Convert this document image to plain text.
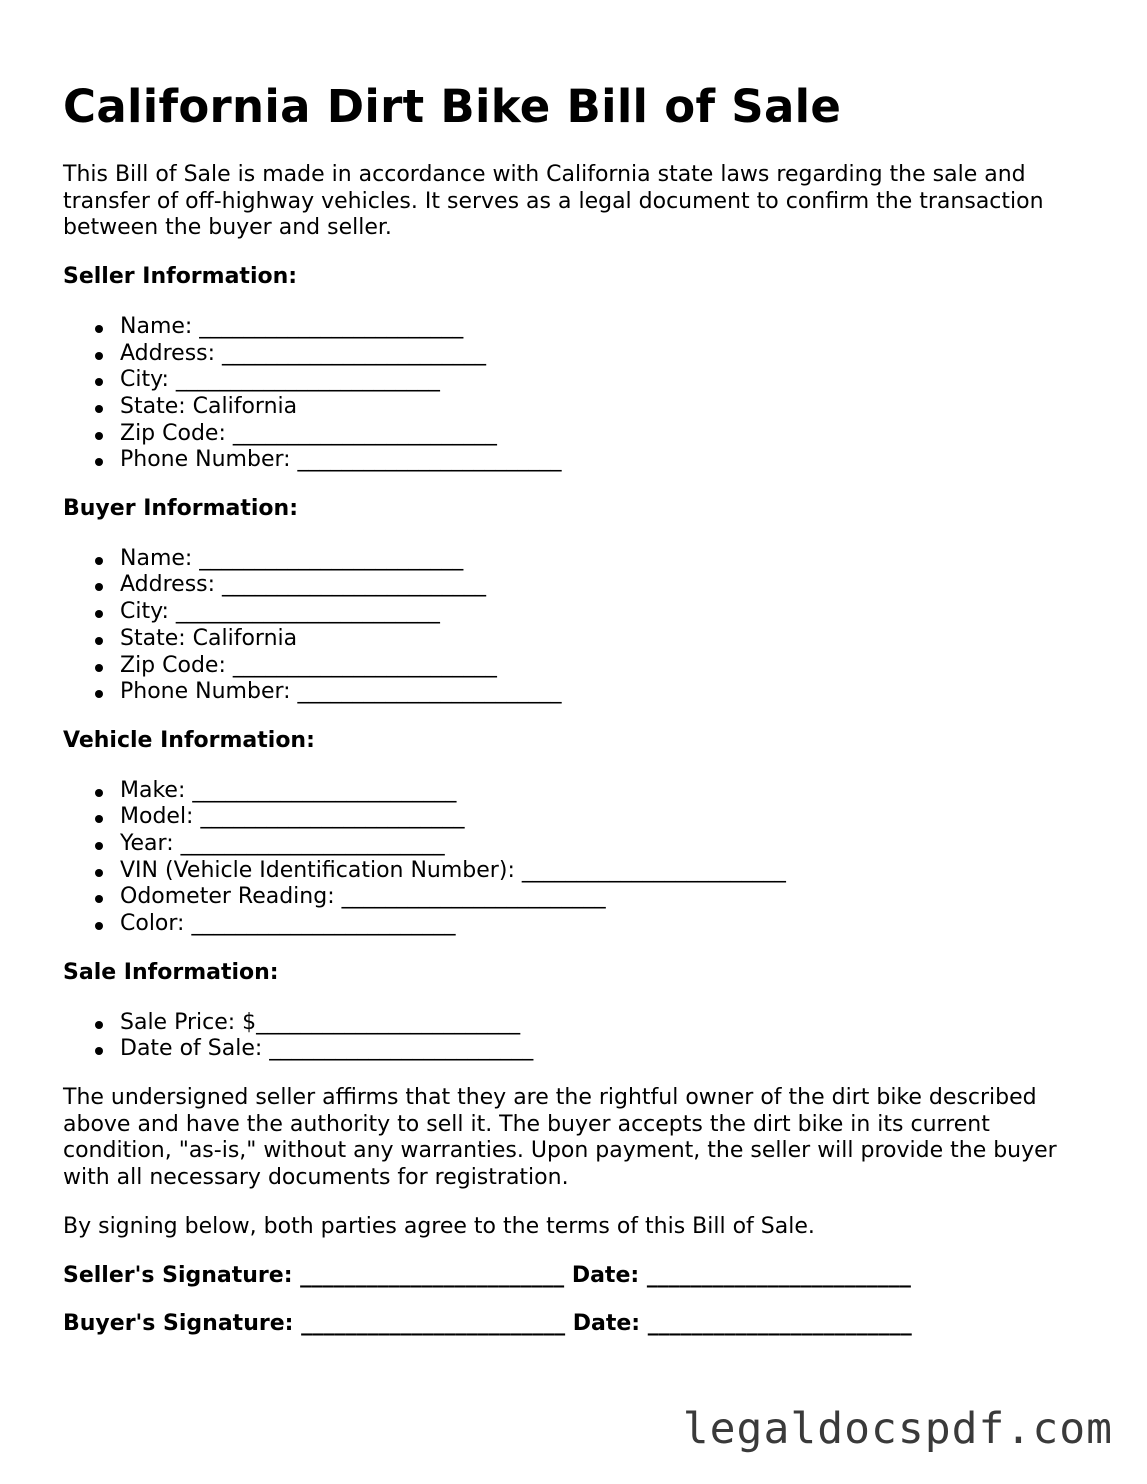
California Dirt Bike Bill of Sale

This Bill of Sale is made in accordance with California state laws regarding the sale and transfer of off-highway vehicles. It serves as a legal document to confirm the transaction between the buyer and seller.

Seller Information:
Name: ________________________
Address: ________________________
City: ________________________
State: California
Zip Code: ________________________
Phone Number: ________________________
Buyer Information:
Name: ________________________
Address: ________________________
City: ________________________
State: California
Zip Code: ________________________
Phone Number: ________________________
Vehicle Information:
Make: ________________________
Model: ________________________
Year: ________________________
VIN (Vehicle Identification Number): ________________________
Odometer Reading: ________________________
Color: ________________________
Sale Information:
Sale Price: $________________________
Date of Sale: ________________________

The undersigned seller affirms that they are the rightful owner of the dirt bike described above and have the authority to sell it. The buyer accepts the dirt bike in its current condition, "as-is," without any warranties. Upon payment, the seller will provide the buyer with all necessary documents for registration.

By signing below, both parties agree to the terms of this Bill of Sale.

Seller's Signature: ________________________ Date: ________________________
Buyer's Signature: ________________________ Date: ________________________
legaldocspdf.com
